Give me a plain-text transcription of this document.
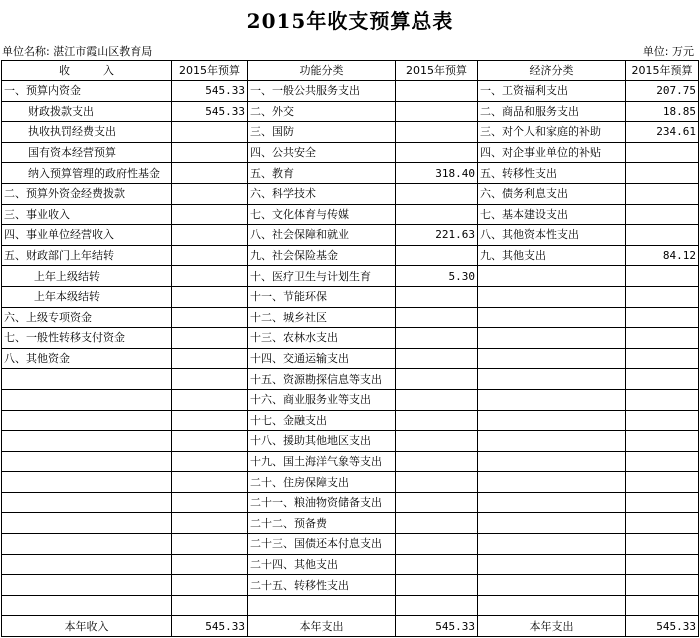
2015年收支预算总表
单位名称: 湛江市霞山区教育局	单位: 万元
收　　　入	2015年预算	功能分类	2015年预算	经济分类	2015年预算
一、预算内资金	545.33	一、一般公共服务支出		一、工资福利支出	207.75
财政拨款支出	545.33	二、外交		二、商品和服务支出	18.85
执收执罚经费支出		三、国防		三、对个人和家庭的补助	234.61
国有资本经营预算		四、公共安全		四、对企事业单位的补贴	
纳入预算管理的政府性基金		五、教育	318.40	五、转移性支出	
二、预算外资金经费拨款		六、科学技术		六、债务利息支出	
三、事业收入		七、文化体育与传媒		七、基本建设支出	
四、事业单位经营收入		八、社会保障和就业	221.63	八、其他资本性支出	
五、财政部门上年结转		九、社会保险基金		九、其他支出	84.12
上年上级结转		十、医疗卫生与计划生育	5.30		
上年本级结转		十一、节能环保			
六、上级专项资金		十二、城乡社区			
七、一般性转移支付资金		十三、农林水支出			
八、其他资金		十四、交通运输支出			
		十五、资源勘探信息等支出			
		十六、商业服务业等支出			
		十七、金融支出			
		十八、援助其他地区支出			
		十九、国土海洋气象等支出			
		二十、住房保障支出			
		二十一、粮油物资储备支出			
		二十二、预备费			
		二十三、国债还本付息支出			
		二十四、其他支出			
		二十五、转移性支出			

本年收入	545.33	本年支出	545.33	本年支出	545.33
